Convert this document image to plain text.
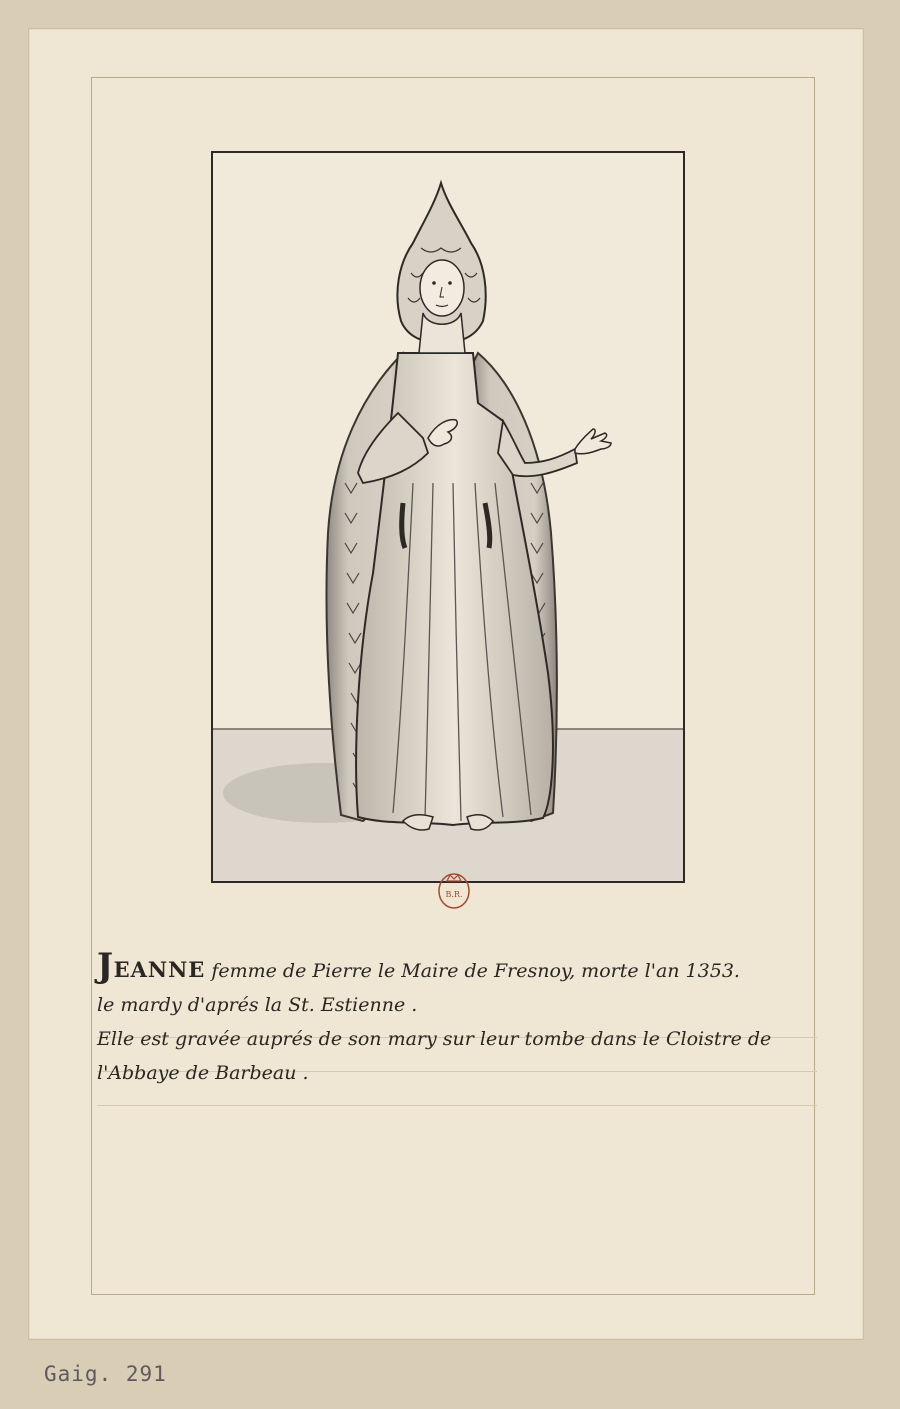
B.R.

JEANNE femme de Pierre le Maire de Fresnoy, morte l'an 1353.

le mardy d'aprés la St. Estienne .

Elle est gravée auprés de son mary sur leur tombe dans le Cloistre de

l'Abbaye de Barbeau .

Gaig. 291
